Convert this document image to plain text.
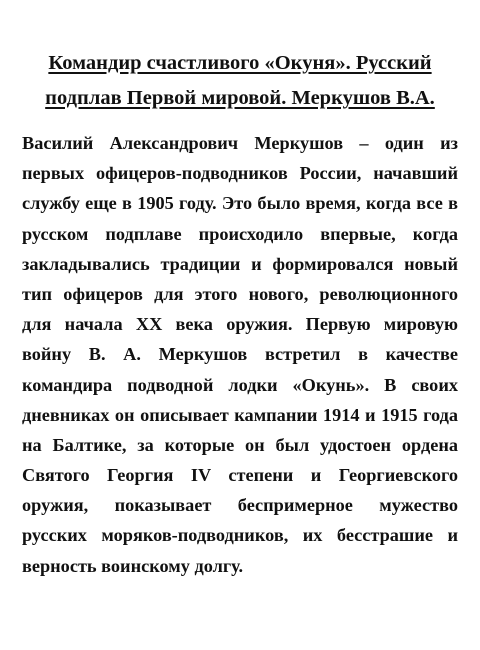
Командир счастливого «Окуня». Русский
подплав Первой мировой. Меркушов В.А.
Василий Александрович Меркушов – один из
первых офицеров-подводников России, начавший
службу еще в 1905 году. Это было время, когда все в
русском подплаве происходило впервые, когда
закладывались традиции и формировался новый
тип офицеров для этого нового, революционного
для начала XX века оружия. Первую мировую
войну В. А. Меркушов встретил в качестве
командира подводной лодки «Окунь». В своих
дневниках он описывает кампании 1914 и 1915 года
на Балтике, за которые он был удостоен ордена
Святого Георгия IV степени и Георгиевского
оружия, показывает беспримерное мужество
русских моряков-подводников, их бесстрашие и
верность воинскому долгу.
